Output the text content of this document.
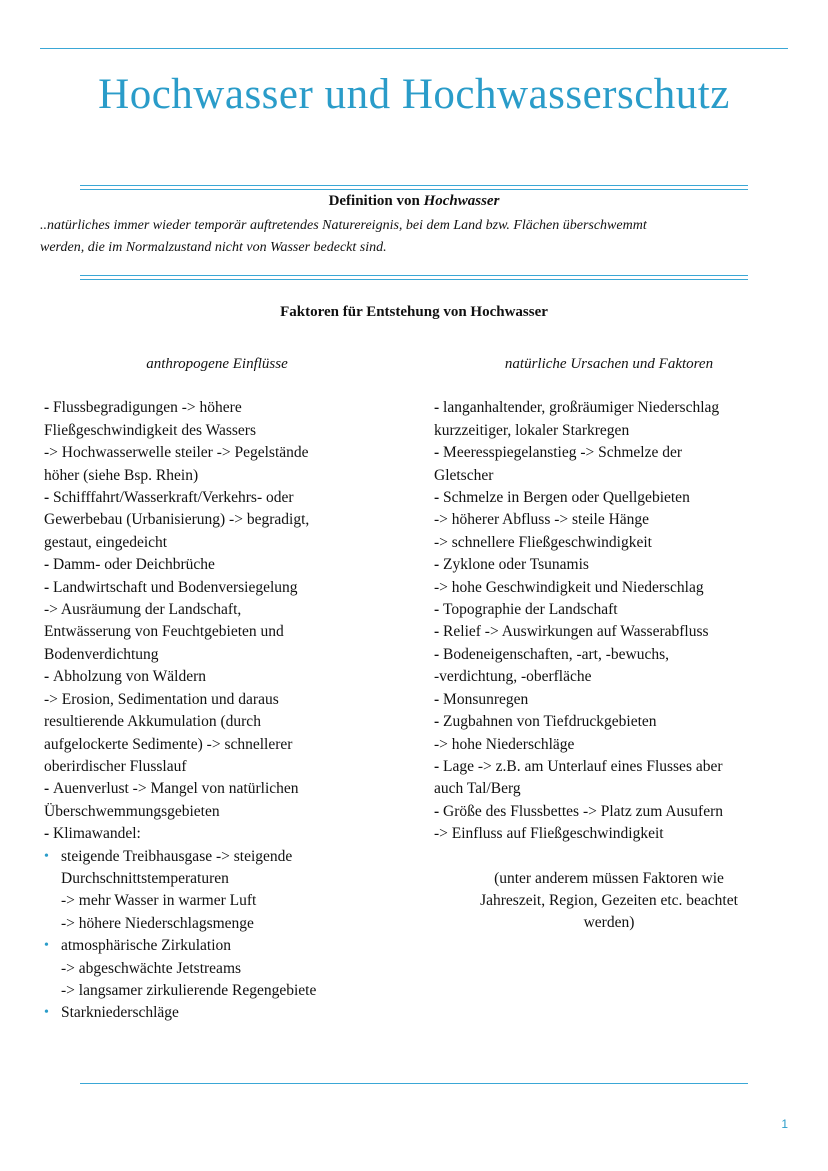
Hochwasser und Hochwasserschutz
Definition von Hochwasser
..natürliches immer wieder temporär auftretendes Naturereignis, bei dem Land bzw. Flächen überschwemmt
werden, die im Normalzustand nicht von Wasser bedeckt sind.
Faktoren für Entstehung von Hochwasser
anthropogene Einflüsse
- Flussbegradigungen -> höhere
Fließgeschwindigkeit des Wassers
-> Hochwasserwelle steiler -> Pegelstände
höher (siehe Bsp. Rhein)
- Schifffahrt/Wasserkraft/Verkehrs- oder
Gewerbebau (Urbanisierung) -> begradigt,
gestaut, eingedeicht
- Damm- oder Deichbrüche
- Landwirtschaft und Bodenversiegelung
-> Ausräumung der Landschaft,
Entwässerung von Feuchtgebieten und
Bodenverdichtung
- Abholzung von Wäldern
-> Erosion, Sedimentation und daraus
resultierende Akkumulation (durch
aufgelockerte Sedimente) -> schnellerer
oberirdischer Flusslauf
- Auenverlust -> Mangel von natürlichen
Überschwemmungsgebieten
- Klimawandel:
• steigende Treibhausgase -> steigende
Durchschnittstemperaturen
-> mehr Wasser in warmer Luft
-> höhere Niederschlagsmenge
• atmosphärische Zirkulation
-> abgeschwächte Jetstreams
-> langsamer zirkulierende Regengebiete
• Starkniederschläge
natürliche Ursachen und Faktoren
- langanhaltender, großräumiger Niederschlag
kurzzeitiger, lokaler Starkregen
- Meeresspiegelanstieg -> Schmelze der
Gletscher
- Schmelze in Bergen oder Quellgebieten
-> höherer Abfluss -> steile Hänge
-> schnellere Fließgeschwindigkeit
- Zyklone oder Tsunamis
-> hohe Geschwindigkeit und Niederschlag
- Topographie der Landschaft
- Relief -> Auswirkungen auf Wasserabfluss
- Bodeneigenschaften, -art, -bewuchs,
-verdichtung, -oberfläche
- Monsunregen
- Zugbahnen von Tiefdruckgebieten
-> hohe Niederschläge
- Lage -> z.B. am Unterlauf eines Flusses aber
auch Tal/Berg
- Größe des Flussbettes -> Platz zum Ausufern
-> Einfluss auf Fließgeschwindigkeit
(unter anderem müssen Faktoren wie
Jahreszeit, Region, Gezeiten etc. beachtet
werden)
1
